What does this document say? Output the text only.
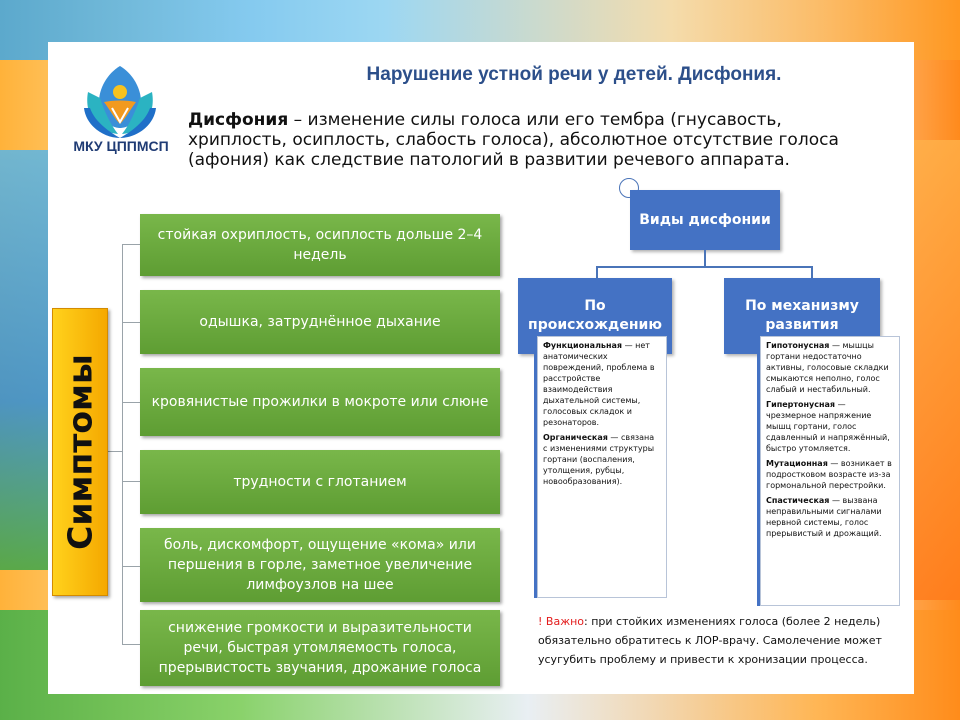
МКУ ЦППМСП
Нарушение устной речи у детей. Дисфония.
Дисфония – изменение силы голоса или его тембра (гнусавость, хриплость, осиплость, слабость голоса), абсолютное отсутствие голоса (афония) как следствие патологий в развитии речевого аппарата.
Симптомы
стойкая охриплость, осиплость дольше 2–4 недель
одышка, затруднённое дыхание
кровянистые прожилки в мокроте или слюне
трудности с глотанием
боль, дискомфорт, ощущение «кома» или першения в горле, заметное увеличение лимфоузлов на шее
снижение громкости и выразительности речи, быстрая утомляемость голоса, прерывистость звучания, дрожание голоса
Виды дисфонии
По происхождению
По механизму развития

Функциональная — нет анатомических повреждений, проблема в расстройстве взаимодействия дыхательной системы, голосовых складок и резонаторов.

Органическая — связана с изменениями структуры гортани (воспаления, утолщения, рубцы, новообразования).

Гипотонусная — мышцы гортани недостаточно активны, голосовые складки смыкаются неполно, голос слабый и нестабильный.

Гипертонусная — чрезмерное напряжение мышц гортани, голос сдавленный и напряжённый, быстро утомляется.

Мутационная — возникает в подростковом возрасте из-за гормональной перестройки.

Спастическая — вызвана неправильными сигналами нервной системы, голос прерывистый и дрожащий.

! Важно: при стойких изменениях голоса (более 2 недель) обязательно обратитесь к ЛОР-врачу. Самолечение может усугубить проблему и привести к хронизации процесса.
